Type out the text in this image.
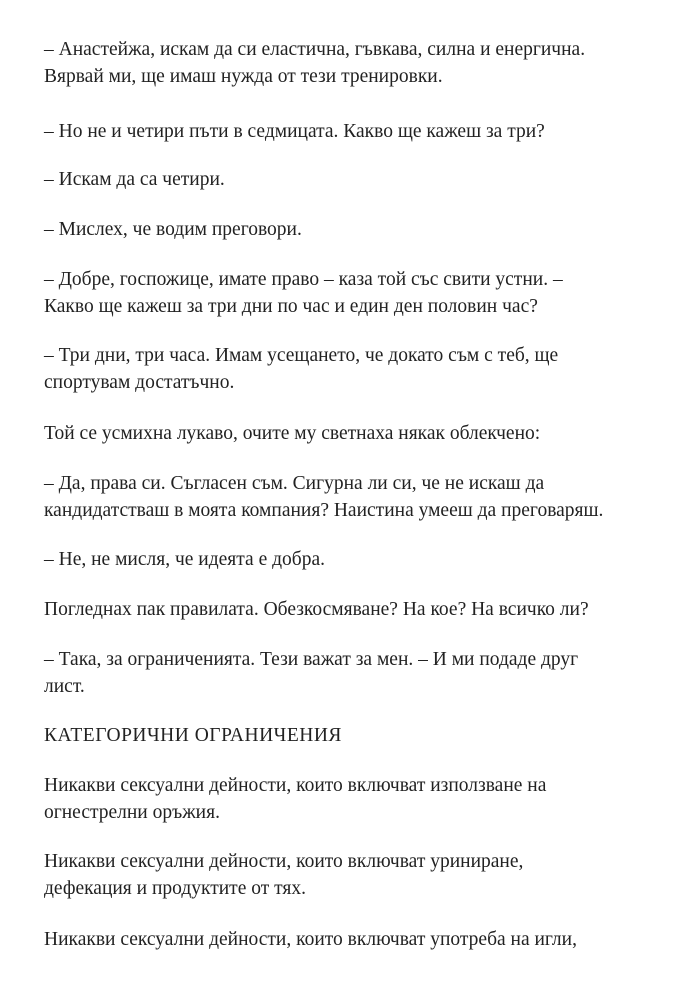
– Анастейжа, искам да си еластична, гъвкава, силна и енергична.
Вярвай ми, ще имаш нужда от тези тренировки.

– Но не и четири пъти в седмицата. Какво ще кажеш за три?

– Искам да са четири.

– Мислех, че водим преговори.

– Добре, госпожице, имате право – каза той със свити устни. –
Какво ще кажеш за три дни по час и един ден половин час?

– Три дни, три часа. Имам усещането, че докато съм с теб, ще
спортувам достатъчно.

Той се усмихна лукаво, очите му светнаха някак облекчено:

– Да, права си. Съгласен съм. Сигурна ли си, че не искаш да
кандидатстваш в моята компания? Наистина умееш да преговаряш.

– Не, не мисля, че идеята е добра.

Погледнах пак правилата. Обезкосмяване? На кое? На всичко ли?

– Така, за ограниченията. Тези важат за мен. – И ми подаде друг
лист.

КАТЕГОРИЧНИ ОГРАНИЧЕНИЯ

Никакви сексуални дейности, които включват използване на
огнестрелни оръжия.

Никакви сексуални дейности, които включват уриниране,
дефекация и продуктите от тях.

Никакви сексуални дейности, които включват употреба на игли,
